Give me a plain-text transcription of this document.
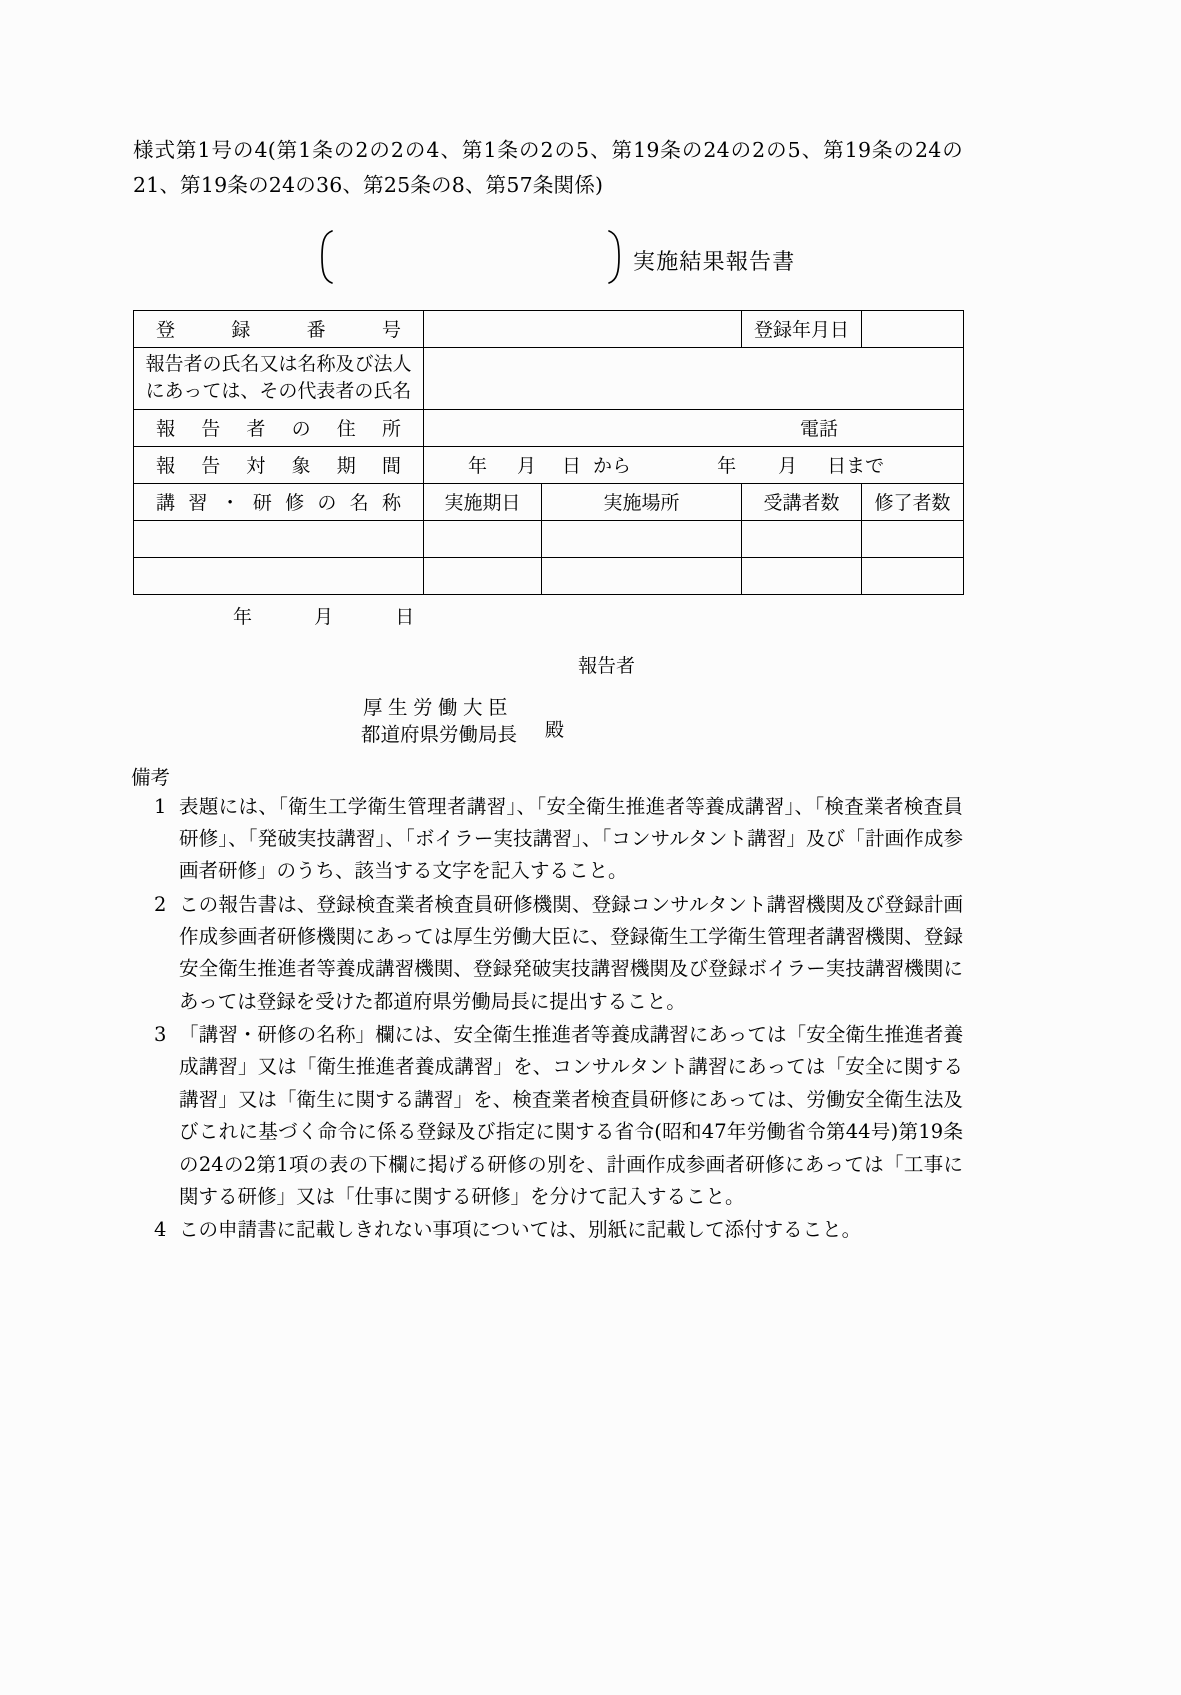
様式第1号の4(第1条の2の2の4、第1条の2の5、第19条の24の2の5、第19条の24の21、第19条の24の36、第25条の8、第57条関係)
実施結果報告書
登録番号			登録年月日	

報告者の氏名又は名称及び法人
にあっては、その代表者の氏名				

報告者の住所	電話			

報告対象期間	年 月 日 から	年 月 日まで

講習・研修の名称	実施期日	実施場所	受講者数	修了者数

年	月	日
報告者
厚生労働大臣
都道府県労働局長 殿
備考
1 表題には、「衛生工学衛生管理者講習」、「安全衛生推進者等養成講習」、「検査業者検査員研修」、「発破実技講習」、「ボイラー実技講習」、「コンサルタント講習」及び「計画作成参画者研修」のうち、該当する文字を記入すること。
2 この報告書は、登録検査業者検査員研修機関、登録コンサルタント講習機関及び登録計画作成参画者研修機関にあっては厚生労働大臣に、登録衛生工学衛生管理者講習機関、登録安全衛生推進者等養成講習機関、登録発破実技講習機関及び登録ボイラー実技講習機関にあっては登録を受けた都道府県労働局長に提出すること。
3 「講習・研修の名称」欄には、安全衛生推進者等養成講習にあっては「安全衛生推進者養成講習」又は「衛生推進者養成講習」を、コンサルタント講習にあっては「安全に関する講習」又は「衛生に関する講習」を、検査業者検査員研修にあっては、労働安全衛生法及びこれに基づく命令に係る登録及び指定に関する省令(昭和47年労働省令第44号)第19条の24の2第1項の表の下欄に掲げる研修の別を、計画作成参画者研修にあっては「工事に関する研修」又は「仕事に関する研修」を分けて記入すること。
4 この申請書に記載しきれない事項については、別紙に記載して添付すること。
